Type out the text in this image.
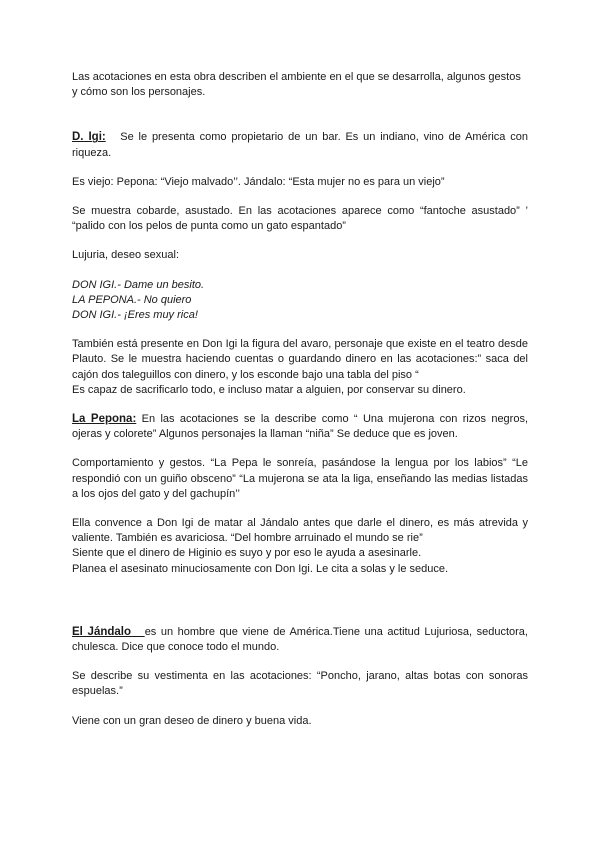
Las acotaciones en esta obra describen el ambiente en el que se desarrolla, algunos gestos y cómo son los personajes.

D. Igi: Se le presenta como propietario de un bar. Es un indiano, vino de América con riqueza.

Es viejo: Pepona: “Viejo malvado’’. Jándalo: “Esta mujer no es para un viejo”

Se muestra cobarde, asustado. En las acotaciones aparece como “fantoche asustado” ’ “palido con los pelos de punta como un gato espantado”

Lujuria, deseo sexual:

DON IGI.- Dame un besito.

LA PEPONA.- No quiero

DON IGI.- ¡Eres muy rica!

También está presente en Don Igi la figura del avaro, personaje que existe en el teatro desde Plauto. Se le muestra haciendo cuentas o guardando dinero en las acotaciones:” saca del cajón dos taleguillos con dinero, y los esconde bajo una tabla del piso “

Es capaz de sacrificarlo todo, e incluso matar a alguien, por conservar su dinero.

La Pepona: En las acotaciones se la describe como “ Una mujerona con rizos negros, ojeras y colorete” Algunos personajes la llaman “niña” Se deduce que es joven.

Comportamiento y gestos. “La Pepa le sonreía, pasándose la lengua por los labios” “Le respondió con un guiño obsceno” “La mujerona se ata la liga, enseñando las medias listadas a los ojos del gato y del gachupín’’

Ella convence a Don Igi de matar al Jándalo antes que darle el dinero, es más atrevida y valiente. También es avariciosa. “Del hombre arruinado el mundo se rie”

Siente que el dinero de Higinio es suyo y por eso le ayuda a asesinarle.

Planea el asesinato minuciosamente con Don Igi. Le cita a solas y le seduce.

El Jándalo es un hombre que viene de América.Tiene una actitud Lujuriosa, seductora, chulesca. Dice que conoce todo el mundo.

Se describe su vestimenta en las acotaciones: “Poncho, jarano, altas botas con sonoras espuelas.”

Viene con un gran deseo de dinero y buena vida.
